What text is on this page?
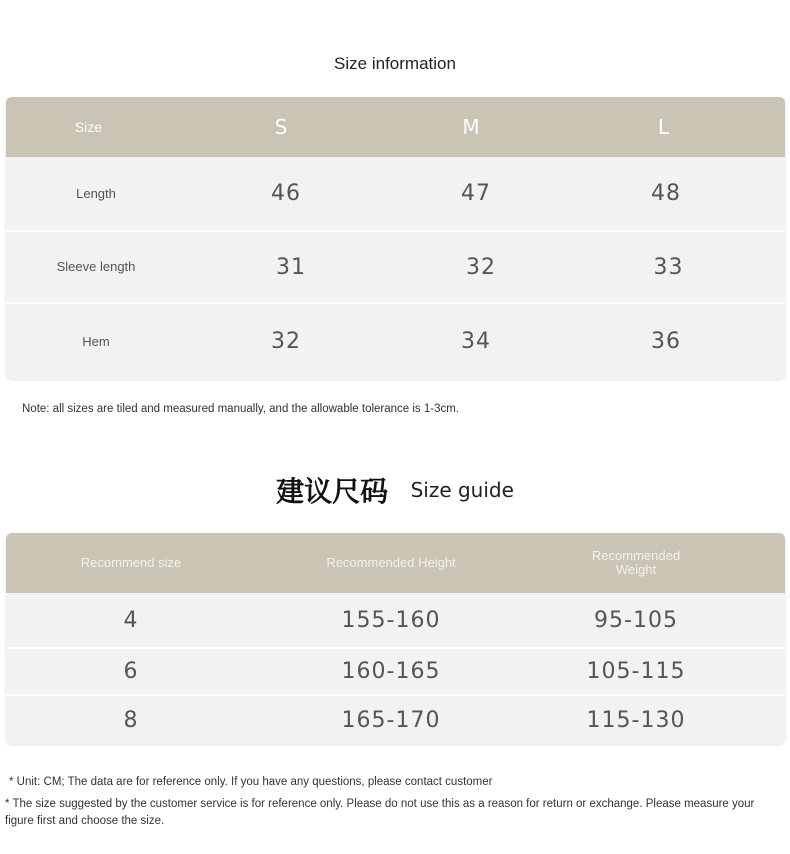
Size information
Size	S	M	L
Length	46	47	48
Sleeve length	31	32	33
Hem	32	34	36
Note: all sizes are tiled and measured manually, and the allowable tolerance is 1-3cm.
建议尺码 Size guide
Recommend size	Recommended Height	Recommended Weight
4	155-160	95-105
6	160-165	105-115
8	165-170	115-130
* Unit: CM; The data are for reference only. If you have any questions, please contact customer
* The size suggested by the customer service is for reference only. Please do not use this as a reason for return or exchange. Please measure your figure first and choose the size.
